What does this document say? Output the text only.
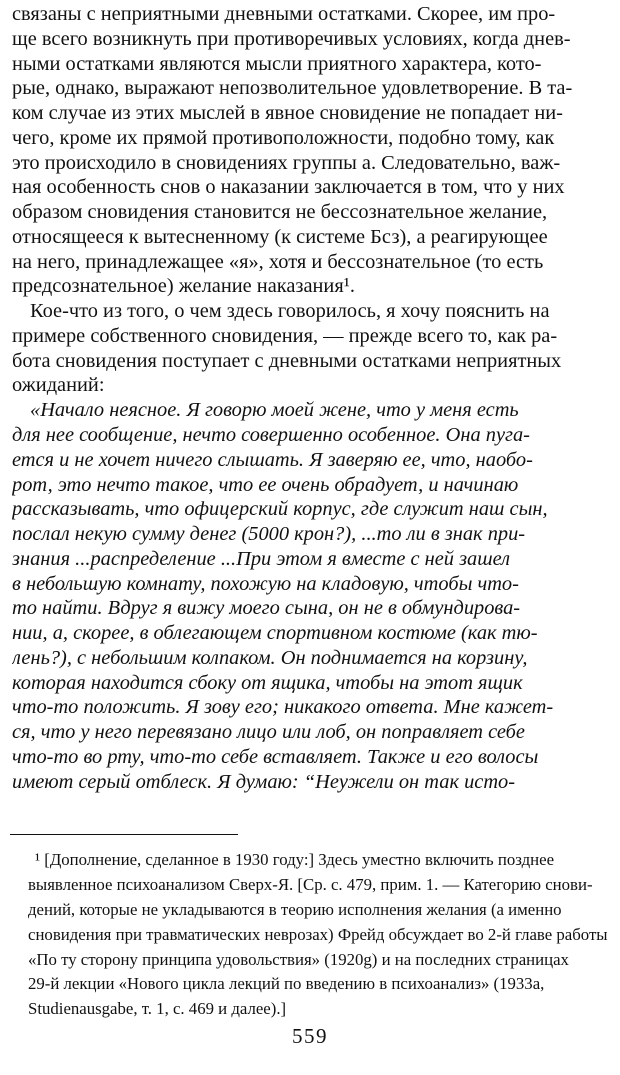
связаны с неприятными дневными остатками. Скорее, им про-
ще всего возникнуть при противоречивых условиях, когда днев-
ными остатками являются мысли приятного характера, кото-
рые, однако, выражают непозволительное удовлетворение. В та-
ком случае из этих мыслей в явное сновидение не попадает ни-
чего, кроме их прямой противоположности, подобно тому, как
это происходило в сновидениях группы а. Следовательно, важ-
ная особенность снов о наказании заключается в том, что у них
образом сновидения становится не бессознательное желание,
относящееся к вытесненному (к системе Бсз), а реагирующее
на него, принадлежащее «я», хотя и бессознательное (то есть
предсознательное) желание наказания¹.
Кое-что из того, о чем здесь говорилось, я хочу пояснить на
примере собственного сновидения, — прежде всего то, как ра-
бота сновидения поступает с дневными остатками неприятных
ожиданий:
«Начало неясное. Я говорю моей жене, что у меня есть
для нее сообщение, нечто совершенно особенное. Она пуга-
ется и не хочет ничего слышать. Я заверяю ее, что, наобо-
рот, это нечто такое, что ее очень обрадует, и начинаю
рассказывать, что офицерский корпус, где служит наш сын,
послал некую сумму денег (5000 крон?), ...то ли в знак при-
знания ...распределение ...При этом я вместе с ней зашел
в небольшую комнату, похожую на кладовую, чтобы что-
то найти. Вдруг я вижу моего сына, он не в обмундирова-
нии, а, скорее, в облегающем спортивном костюме (как тю-
лень?), с небольшим колпаком. Он поднимается на корзину,
которая находится сбоку от ящика, чтобы на этот ящик
что-то положить. Я зову его; никакого ответа. Мне кажет-
ся, что у него перевязано лицо или лоб, он поправляет себе
что-то во рту, что-то себе вставляет. Также и его волосы
имеют серый отблеск. Я думаю: “Неужели он так исто-
¹ [Дополнение, сделанное в 1930 году:] Здесь уместно включить позднее
выявленное психоанализом Сверх-Я. [Ср. с. 479, прим. 1. — Категорию снови-
дений, которые не укладываются в теорию исполнения желания (а именно
сновидения при травматических неврозах) Фрейд обсуждает во 2-й главе работы
«По ту сторону принципа удовольствия» (1920g) и на последних страницах
29-й лекции «Нового цикла лекций по введению в психоанализ» (1933а,
Studienausgabe, т. 1, с. 469 и далее).]
559
